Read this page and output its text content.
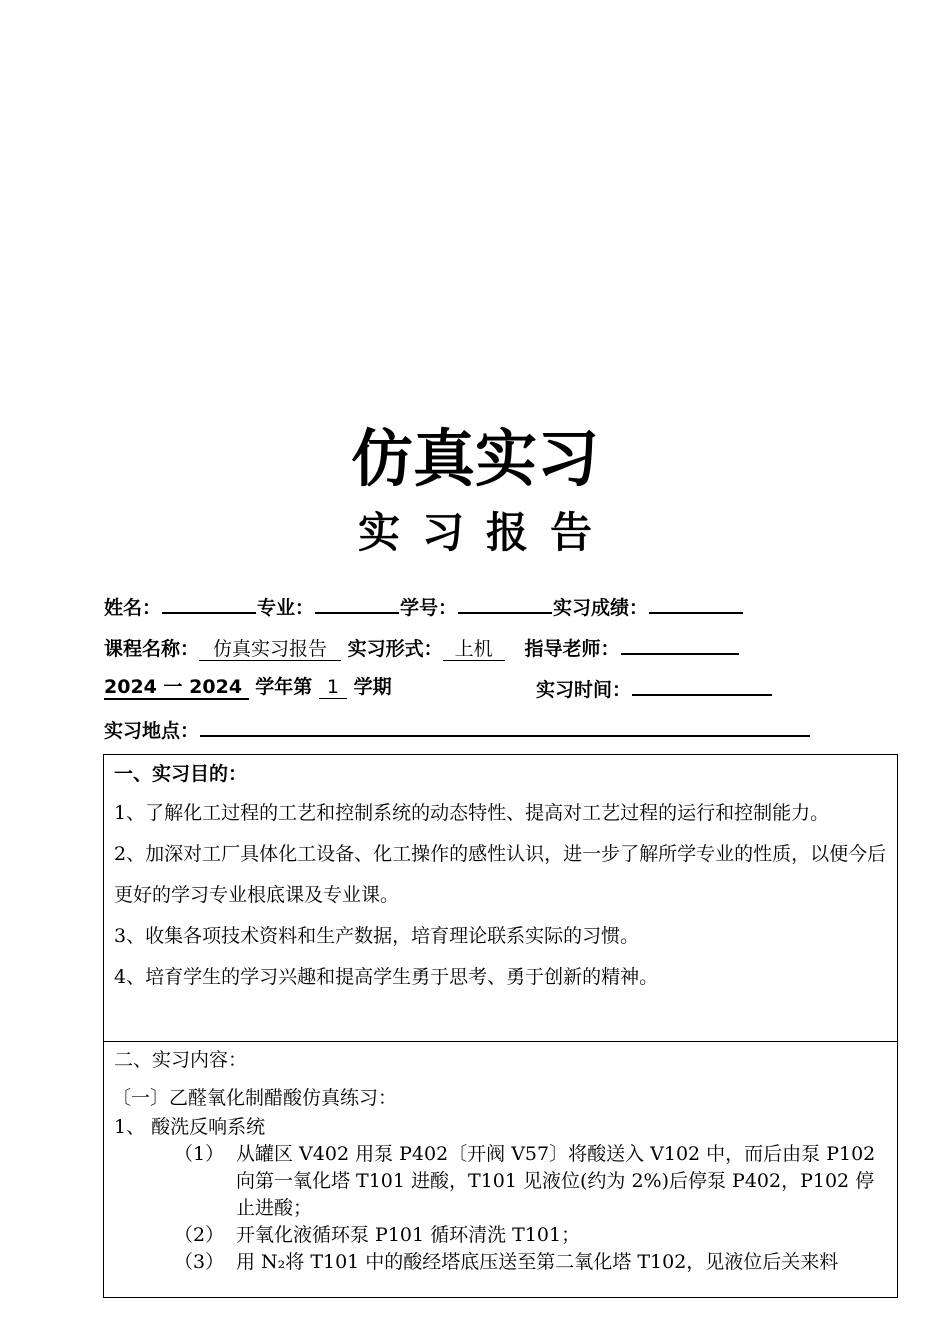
仿真实习
实习报告
姓名：	专业：	学号：	实习成绩：
课程名称： 仿真实习报告 实习形式： 上机 指导老师：
2024 一 2024 学年第 1 学期	实习时间：
实习地点：
一、实习目的：

1、了解化工过程的工艺和控制系统的动态特性、提高对工艺过程的运行和控制能力。

2、加深对工厂具体化工设备、化工操作的感性认识，进一步了解所学专业的性质，以便今后更好的学习专业根底课及专业课。

3、收集各项技术资料和生产数据，培育理论联系实际的习惯。

4、培育学生的学习兴趣和提高学生勇于思考、勇于创新的精神。

二、实习内容：
〔一〕乙醛氧化制醋酸仿真练习：
1、 酸洗反响系统
（1） 从罐区 V402 用泵 P402〔开阀 V57〕将酸送入 V102 中，而后由泵 P102 向第一氧化塔 T101 进酸，T101 见液位(约为 2%)后停泵 P402，P102 停止进酸；
（2） 开氧化液循环泵 P101 循环清洗 T101；
（3） 用 N₂将 T101 中的酸经塔底压送至第二氧化塔 T102，见液位后关来料
